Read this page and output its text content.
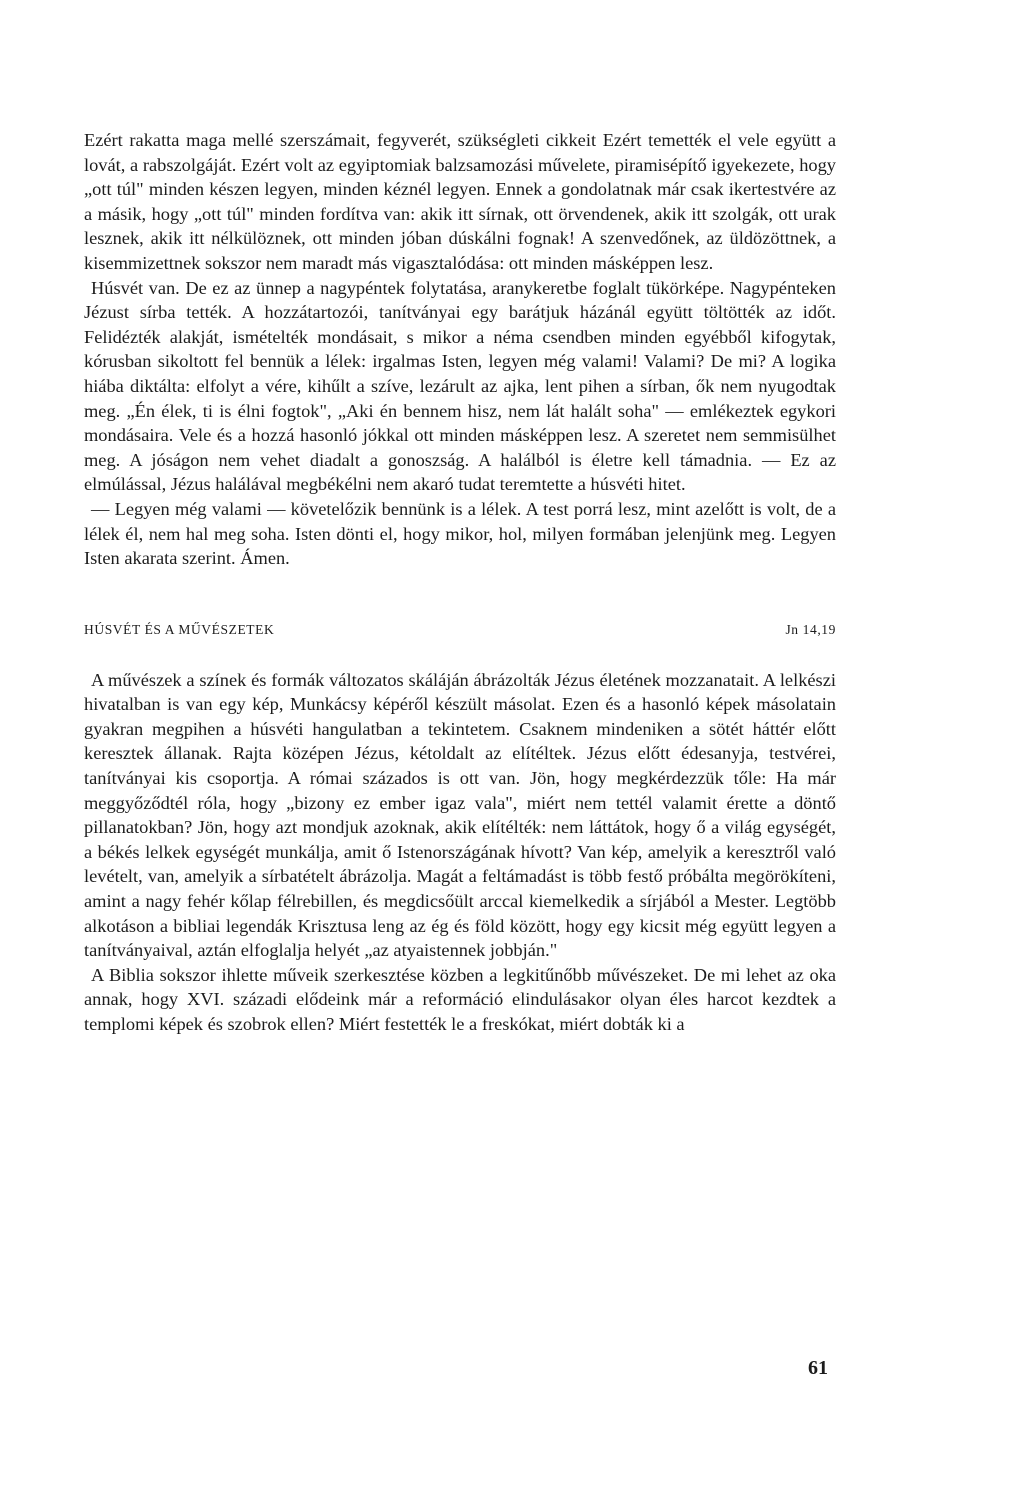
Ezért rakatta maga mellé szerszámait, fegyverét, szükségleti cikkeit Ezért temették el vele együtt a lovát, a rabszolgáját. Ezért volt az egyiptomiak balzsamozási művelete, piramisépítő igyekezete, hogy „ott túl" minden készen legyen, minden kéznél legyen. Ennek a gondolatnak már csak ikertestvére az a másik, hogy „ott túl" minden fordítva van: akik itt sírnak, ott örvendenek, akik itt szolgák, ott urak lesznek, akik itt nélkülöznek, ott minden jóban dúskálni fognak! A szenvedőnek, az üldözöttnek, a kisemmizettnek sokszor nem maradt más vigasztalódása: ott minden másképpen lesz.

Húsvét van. De ez az ünnep a nagypéntek folytatása, aranykeretbe foglalt tükörképe. Nagypénteken Jézust sírba tették. A hozzátartozói, tanítványai egy barátjuk házánál együtt töltötték az időt. Felidézték alakját, ismételték mondásait, s mikor a néma csendben minden egyébből kifogytak, kórusban sikoltott fel bennük a lélek: irgalmas Isten, legyen még valami! Valami? De mi? A logika hiába diktálta: elfolyt a vére, kihűlt a szíve, lezárult az ajka, lent pihen a sírban, ők nem nyugodtak meg. „Én élek, ti is élni fogtok", „Aki én bennem hisz, nem lát halált soha" — emlékeztek egykori mondásaira. Vele és a hozzá hasonló jókkal ott minden másképpen lesz. A szeretet nem semmisülhet meg. A jóságon nem vehet diadalt a gonoszság. A halálból is életre kell támadnia. — Ez az elmúlással, Jézus halálával megbékélni nem akaró tudat teremtette a húsvéti hitet.

— Legyen még valami — követelőzik bennünk is a lélek. A test porrá lesz, mint azelőtt is volt, de a lélek él, nem hal meg soha. Isten dönti el, hogy mikor, hol, milyen formában jelenjünk meg. Legyen Isten akarata szerint. Ámen.

HÚSVÉT ÉS A MŰVÉSZETEK	Jn 14,19

A művészek a színek és formák változatos skáláján ábrázolták Jézus életének mozzanatait. A lelkészi hivatalban is van egy kép, Munkácsy képéről készült másolat. Ezen és a hasonló képek másolatain gyakran megpihen a húsvéti hangulatban a tekintetem. Csaknem mindeniken a sötét háttér előtt keresztek állanak. Rajta középen Jézus, kétoldalt az elítéltek. Jézus előtt édesanyja, testvérei, tanítványai kis csoportja. A római százados is ott van. Jön, hogy megkérdezzük tőle: Ha már meggyőződtél róla, hogy „bizony ez ember igaz vala", miért nem tettél valamit érette a döntő pillanatokban? Jön, hogy azt mondjuk azoknak, akik elítélték: nem láttátok, hogy ő a világ egységét, a békés lelkek egységét munkálja, amit ő Istenországának hívott? Van kép, amelyik a keresztről való levételt, van, amelyik a sírbatételt ábrázolja. Magát a feltámadást is több festő próbálta megörökíteni, amint a nagy fehér kőlap félrebillen, és megdicsőült arccal kiemelkedik a sírjából a Mester. Legtöbb alkotáson a bibliai legendák Krisztusa leng az ég és föld között, hogy egy kicsit még együtt legyen a tanítványaival, aztán elfoglalja helyét „az atyaistennek jobbján."

A Biblia sokszor ihlette műveik szerkesztése közben a legkitűnőbb művészeket. De mi lehet az oka annak, hogy XVI. századi elődeink már a reformáció elindulásakor olyan éles harcot kezdtek a templomi képek és szobrok ellen? Miért festették le a freskókat, miért dobták ki a

61
